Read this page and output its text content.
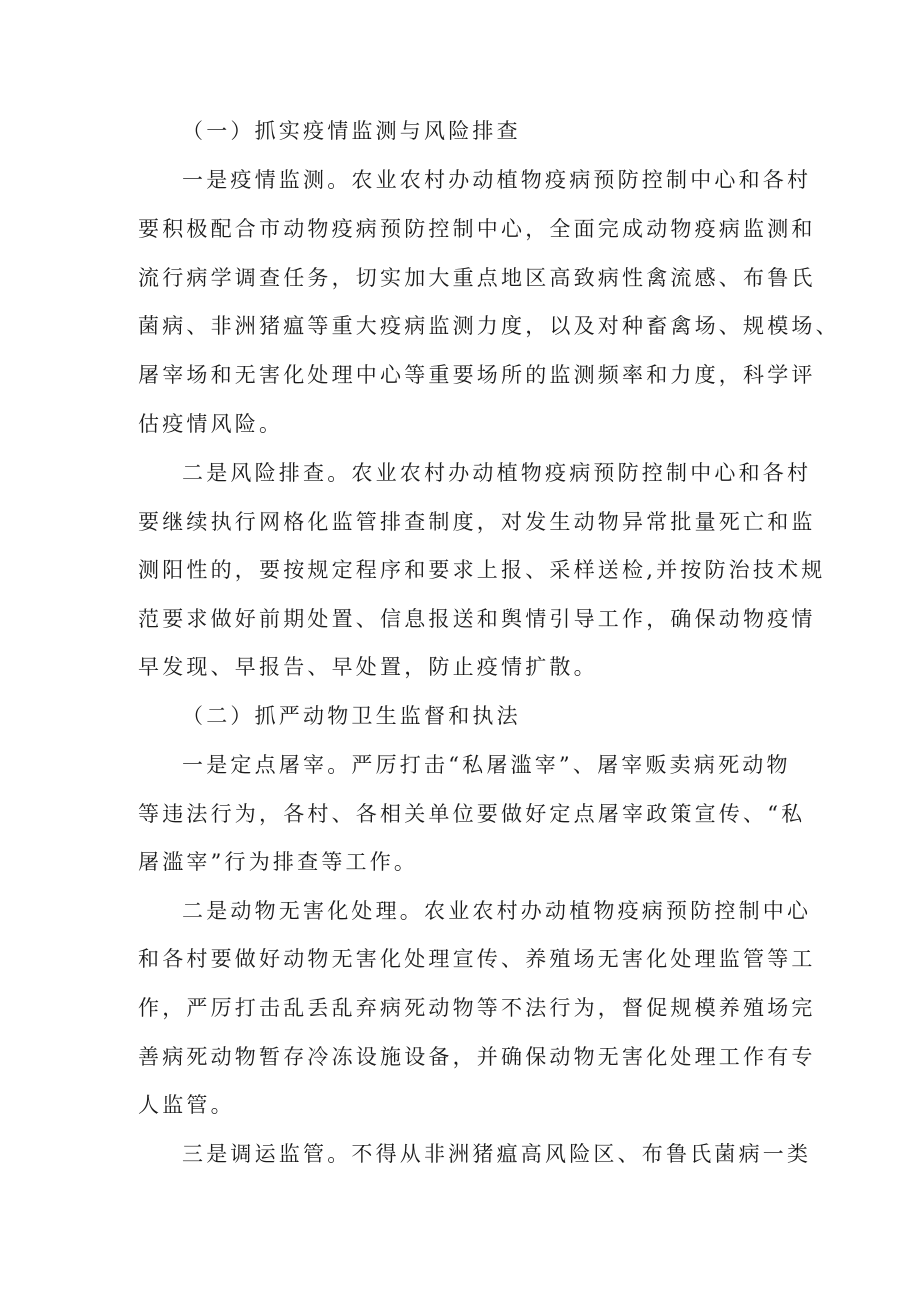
（一）抓实疫情监测与风险排查
一是疫情监测。农业农村办动植物疫病预防控制中心和各村
要积极配合市动物疫病预防控制中心，全面完成动物疫病监测和
流行病学调查任务，切实加大重点地区高致病性禽流感、布鲁氏
菌病、非洲猪瘟等重大疫病监测力度，以及对种畜禽场、规模场、
屠宰场和无害化处理中心等重要场所的监测频率和力度，科学评
估疫情风险。
二是风险排查。农业农村办动植物疫病预防控制中心和各村
要继续执行网格化监管排查制度，对发生动物异常批量死亡和监
测阳性的，要按规定程序和要求上报、采样送检,并按防治技术规
范要求做好前期处置、信息报送和舆情引导工作，确保动物疫情
早发现、早报告、早处置，防止疫情扩散。
（二）抓严动物卫生监督和执法
一是定点屠宰。严厉打击“私屠滥宰”、屠宰贩卖病死动物
等违法行为，各村、各相关单位要做好定点屠宰政策宣传、“私
屠滥宰”行为排查等工作。
二是动物无害化处理。农业农村办动植物疫病预防控制中心
和各村要做好动物无害化处理宣传、养殖场无害化处理监管等工
作，严厉打击乱丢乱弃病死动物等不法行为，督促规模养殖场完
善病死动物暂存冷冻设施设备，并确保动物无害化处理工作有专
人监管。
三是调运监管。不得从非洲猪瘟高风险区、布鲁氏菌病一类
